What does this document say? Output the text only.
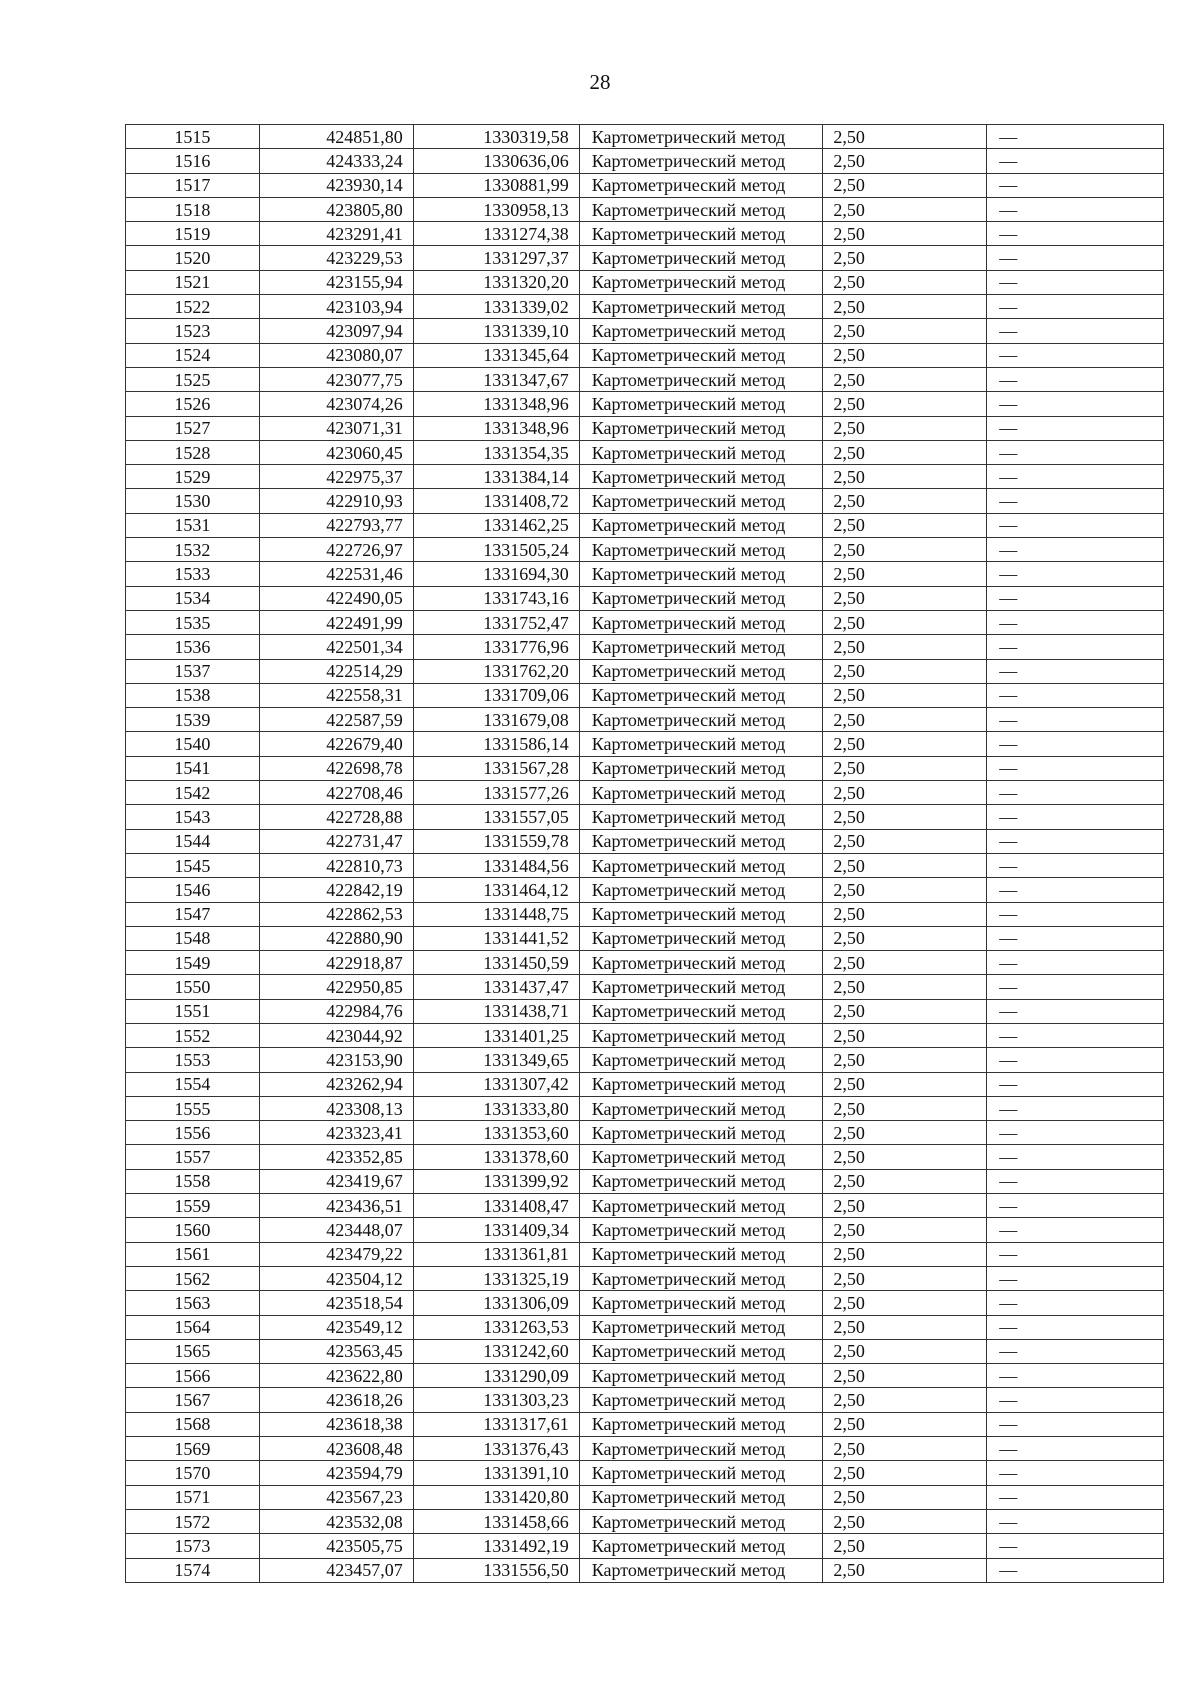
28
1515	424851,80	1330319,58	Картометрический метод	2,50	—
1516	424333,24	1330636,06	Картометрический метод	2,50	—
1517	423930,14	1330881,99	Картометрический метод	2,50	—
1518	423805,80	1330958,13	Картометрический метод	2,50	—
1519	423291,41	1331274,38	Картометрический метод	2,50	—
1520	423229,53	1331297,37	Картометрический метод	2,50	—
1521	423155,94	1331320,20	Картометрический метод	2,50	—
1522	423103,94	1331339,02	Картометрический метод	2,50	—
1523	423097,94	1331339,10	Картометрический метод	2,50	—
1524	423080,07	1331345,64	Картометрический метод	2,50	—
1525	423077,75	1331347,67	Картометрический метод	2,50	—
1526	423074,26	1331348,96	Картометрический метод	2,50	—
1527	423071,31	1331348,96	Картометрический метод	2,50	—
1528	423060,45	1331354,35	Картометрический метод	2,50	—
1529	422975,37	1331384,14	Картометрический метод	2,50	—
1530	422910,93	1331408,72	Картометрический метод	2,50	—
1531	422793,77	1331462,25	Картометрический метод	2,50	—
1532	422726,97	1331505,24	Картометрический метод	2,50	—
1533	422531,46	1331694,30	Картометрический метод	2,50	—
1534	422490,05	1331743,16	Картометрический метод	2,50	—
1535	422491,99	1331752,47	Картометрический метод	2,50	—
1536	422501,34	1331776,96	Картометрический метод	2,50	—
1537	422514,29	1331762,20	Картометрический метод	2,50	—
1538	422558,31	1331709,06	Картометрический метод	2,50	—
1539	422587,59	1331679,08	Картометрический метод	2,50	—
1540	422679,40	1331586,14	Картометрический метод	2,50	—
1541	422698,78	1331567,28	Картометрический метод	2,50	—
1542	422708,46	1331577,26	Картометрический метод	2,50	—
1543	422728,88	1331557,05	Картометрический метод	2,50	—
1544	422731,47	1331559,78	Картометрический метод	2,50	—
1545	422810,73	1331484,56	Картометрический метод	2,50	—
1546	422842,19	1331464,12	Картометрический метод	2,50	—
1547	422862,53	1331448,75	Картометрический метод	2,50	—
1548	422880,90	1331441,52	Картометрический метод	2,50	—
1549	422918,87	1331450,59	Картометрический метод	2,50	—
1550	422950,85	1331437,47	Картометрический метод	2,50	—
1551	422984,76	1331438,71	Картометрический метод	2,50	—
1552	423044,92	1331401,25	Картометрический метод	2,50	—
1553	423153,90	1331349,65	Картометрический метод	2,50	—
1554	423262,94	1331307,42	Картометрический метод	2,50	—
1555	423308,13	1331333,80	Картометрический метод	2,50	—
1556	423323,41	1331353,60	Картометрический метод	2,50	—
1557	423352,85	1331378,60	Картометрический метод	2,50	—
1558	423419,67	1331399,92	Картометрический метод	2,50	—
1559	423436,51	1331408,47	Картометрический метод	2,50	—
1560	423448,07	1331409,34	Картометрический метод	2,50	—
1561	423479,22	1331361,81	Картометрический метод	2,50	—
1562	423504,12	1331325,19	Картометрический метод	2,50	—
1563	423518,54	1331306,09	Картометрический метод	2,50	—
1564	423549,12	1331263,53	Картометрический метод	2,50	—
1565	423563,45	1331242,60	Картометрический метод	2,50	—
1566	423622,80	1331290,09	Картометрический метод	2,50	—
1567	423618,26	1331303,23	Картометрический метод	2,50	—
1568	423618,38	1331317,61	Картометрический метод	2,50	—
1569	423608,48	1331376,43	Картометрический метод	2,50	—
1570	423594,79	1331391,10	Картометрический метод	2,50	—
1571	423567,23	1331420,80	Картометрический метод	2,50	—
1572	423532,08	1331458,66	Картометрический метод	2,50	—
1573	423505,75	1331492,19	Картометрический метод	2,50	—
1574	423457,07	1331556,50	Картометрический метод	2,50	—
